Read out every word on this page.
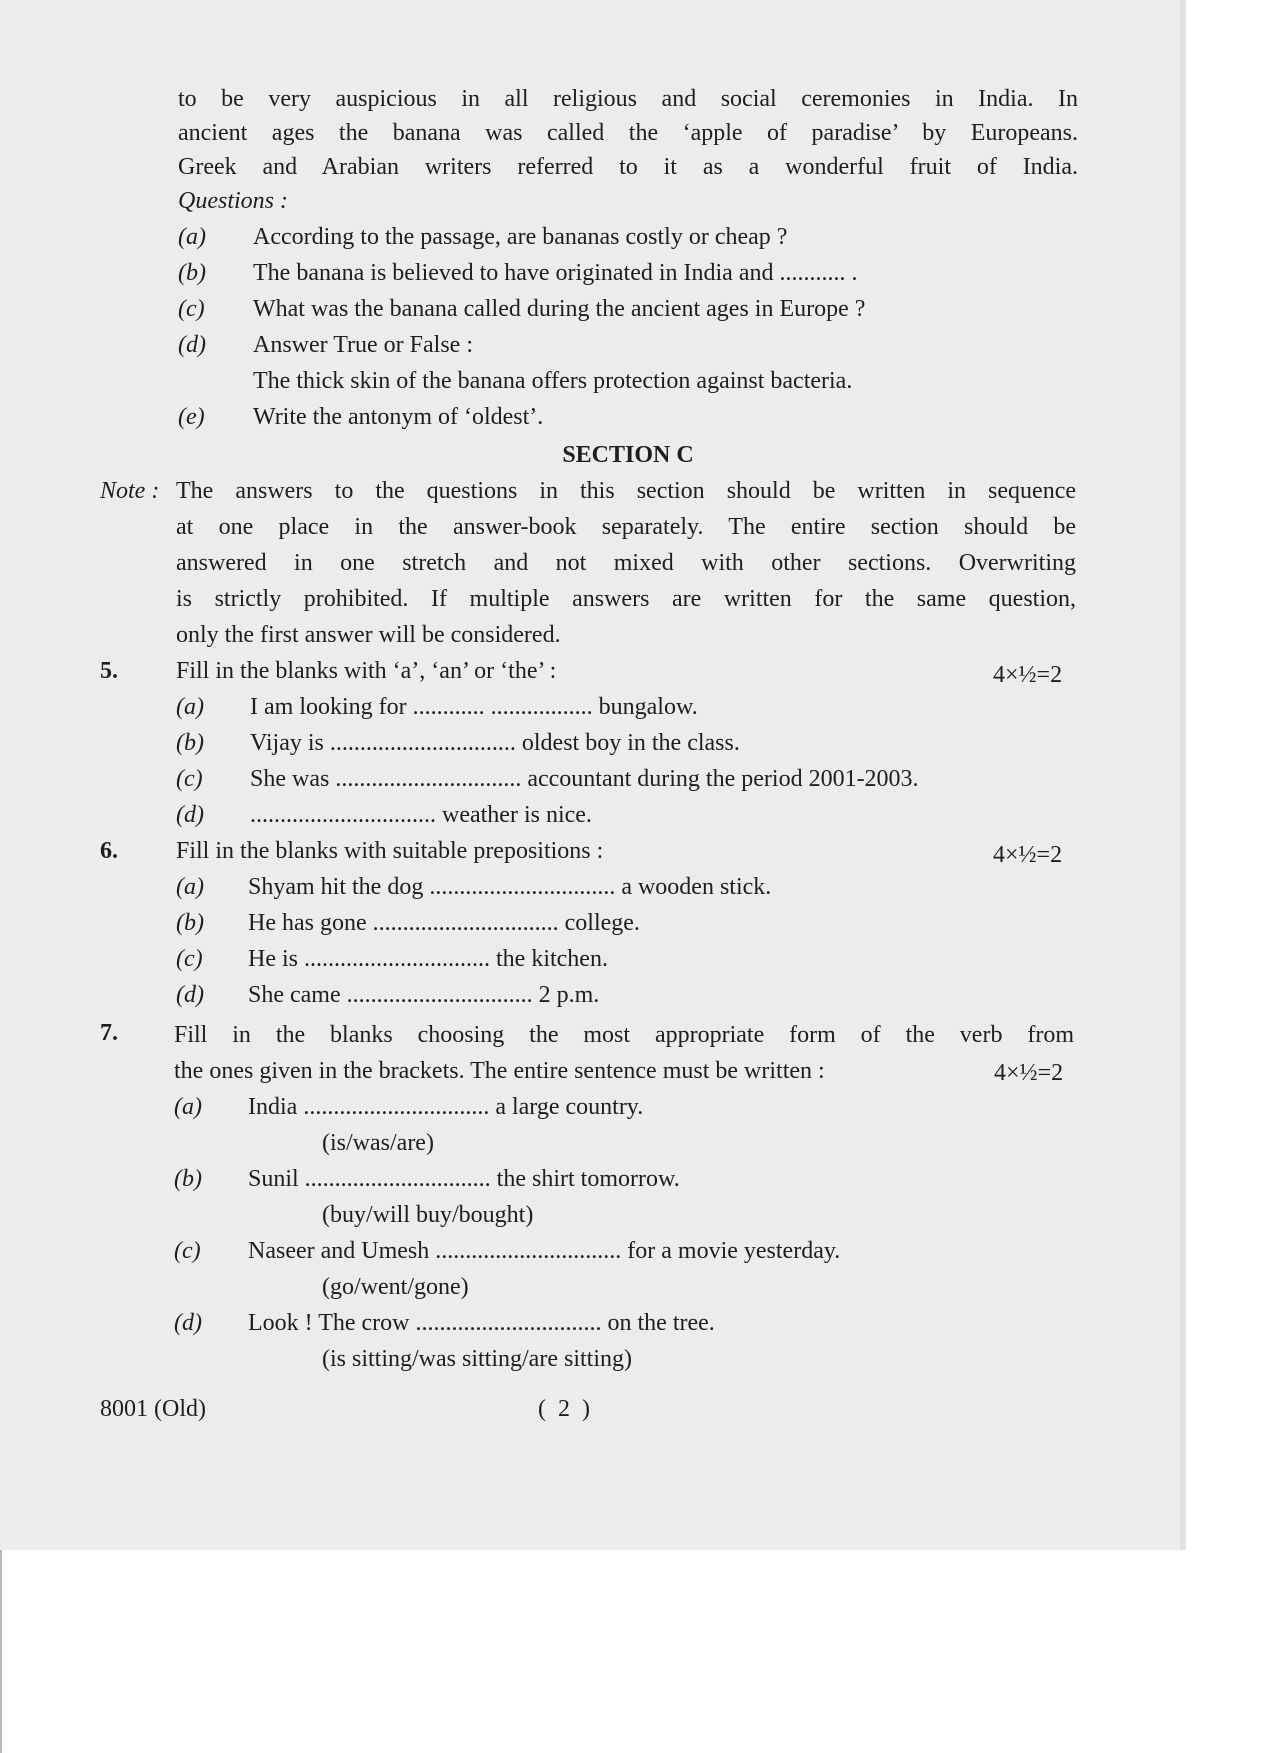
to be very auspicious in all religious and social ceremonies in India. In
ancient ages the banana was called the ‘apple of paradise’ by Europeans.
Greek and Arabian writers referred to it as a wonderful fruit of India.
Questions :
(a)	According to the passage, are bananas costly or cheap ?
(b)	The banana is believed to have originated in India and ........... .
(c)	What was the banana called during the ancient ages in Europe ?
(d)	Answer True or False :
The thick skin of the banana offers protection against bacteria.
(e)	Write the antonym of ‘oldest’.
SECTION C
Note : The answers to the questions in this section should be written in sequence
at one place in the answer-book separately. The entire section should be
answered in one stretch and not mixed with other sections. Overwriting
is strictly prohibited. If multiple answers are written for the same question,
only the first answer will be considered.
5. Fill in the blanks with ‘a’, ‘an’ or ‘the’ :	4×½=2
(a)	I am looking for ............ ................. bungalow.
(b)	Vijay is ............................... oldest boy in the class.
(c)	She was ............................... accountant during the period 2001-2003.
(d)	............................... weather is nice.
6. Fill in the blanks with suitable prepositions :	4×½=2
(a)	Shyam hit the dog ............................... a wooden stick.
(b)	He has gone ............................... college.
(c)	He is ............................... the kitchen.
(d)	She came ............................... 2 p.m.
7. Fill in the blanks choosing the most appropriate form of the verb from
the ones given in the brackets. The entire sentence must be written :	4×½=2
(a)	India ............................... a large country.
(is/was/are)
(b)	Sunil ............................... the shirt tomorrow.
(buy/will buy/bought)
(c)	Naseer and Umesh ............................... for a movie yesterday.
(go/went/gone)
(d)	Look ! The crow ............................... on the tree.
(is sitting/was sitting/are sitting)
8001 (Old)	( 2 )
